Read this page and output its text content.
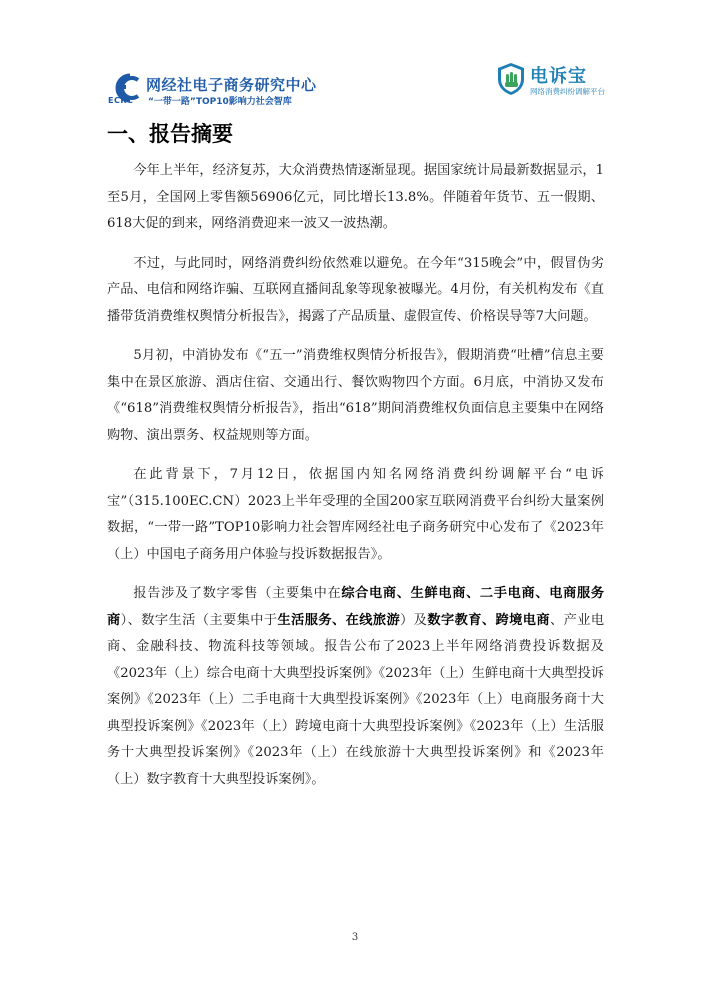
ECRC
网经社电子商务研究中心
“一带一路”TOP10影响力社会智库
电诉宝
网络消费纠纷调解平台
一、报告摘要

今年上半年，经济复苏，大众消费热情逐渐显现。据国家统计局最新数据显示，1至5月，全国网上零售额56906亿元，同比增长13.8%。伴随着年货节、五一假期、618大促的到来，网络消费迎来一波又一波热潮。

不过，与此同时，网络消费纠纷依然难以避免。在今年“315晚会”中，假冒伪劣产品、电信和网络诈骗、互联网直播间乱象等现象被曝光。4月份，有关机构发布《直播带货消费维权舆情分析报告》，揭露了产品质量、虚假宣传、价格误导等7大问题。

5月初，中消协发布《“五一”消费维权舆情分析报告》，假期消费“吐槽”信息主要集中在景区旅游、酒店住宿、交通出行、餐饮购物四个方面。6月底，中消协又发布《“618”消费维权舆情分析报告》，指出“618”期间消费维权负面信息主要集中在网络购物、演出票务、权益规则等方面。

在此背景下，7月12日，依据国内知名网络消费纠纷调解平台“电诉宝”（315.100EC.CN）2023上半年受理的全国200家互联网消费平台纠纷大量案例数据，“一带一路”TOP10影响力社会智库网经社电子商务研究中心发布了《2023年（上）中国电子商务用户体验与投诉数据报告》。

报告涉及了数字零售（主要集中在综合电商、生鲜电商、二手电商、电商服务商）、数字生活（主要集中于生活服务、在线旅游）及数字教育、跨境电商、产业电商、金融科技、物流科技等领域。报告公布了2023上半年网络消费投诉数据及《2023年（上）综合电商十大典型投诉案例》《2023年（上）生鲜电商十大典型投诉案例》《2023年（上）二手电商十大典型投诉案例》《2023年（上）电商服务商十大典型投诉案例》《2023年（上）跨境电商十大典型投诉案例》《2023年（上）生活服务十大典型投诉案例》《2023年（上）在线旅游十大典型投诉案例》和《2023年（上）数字教育十大典型投诉案例》。

3
